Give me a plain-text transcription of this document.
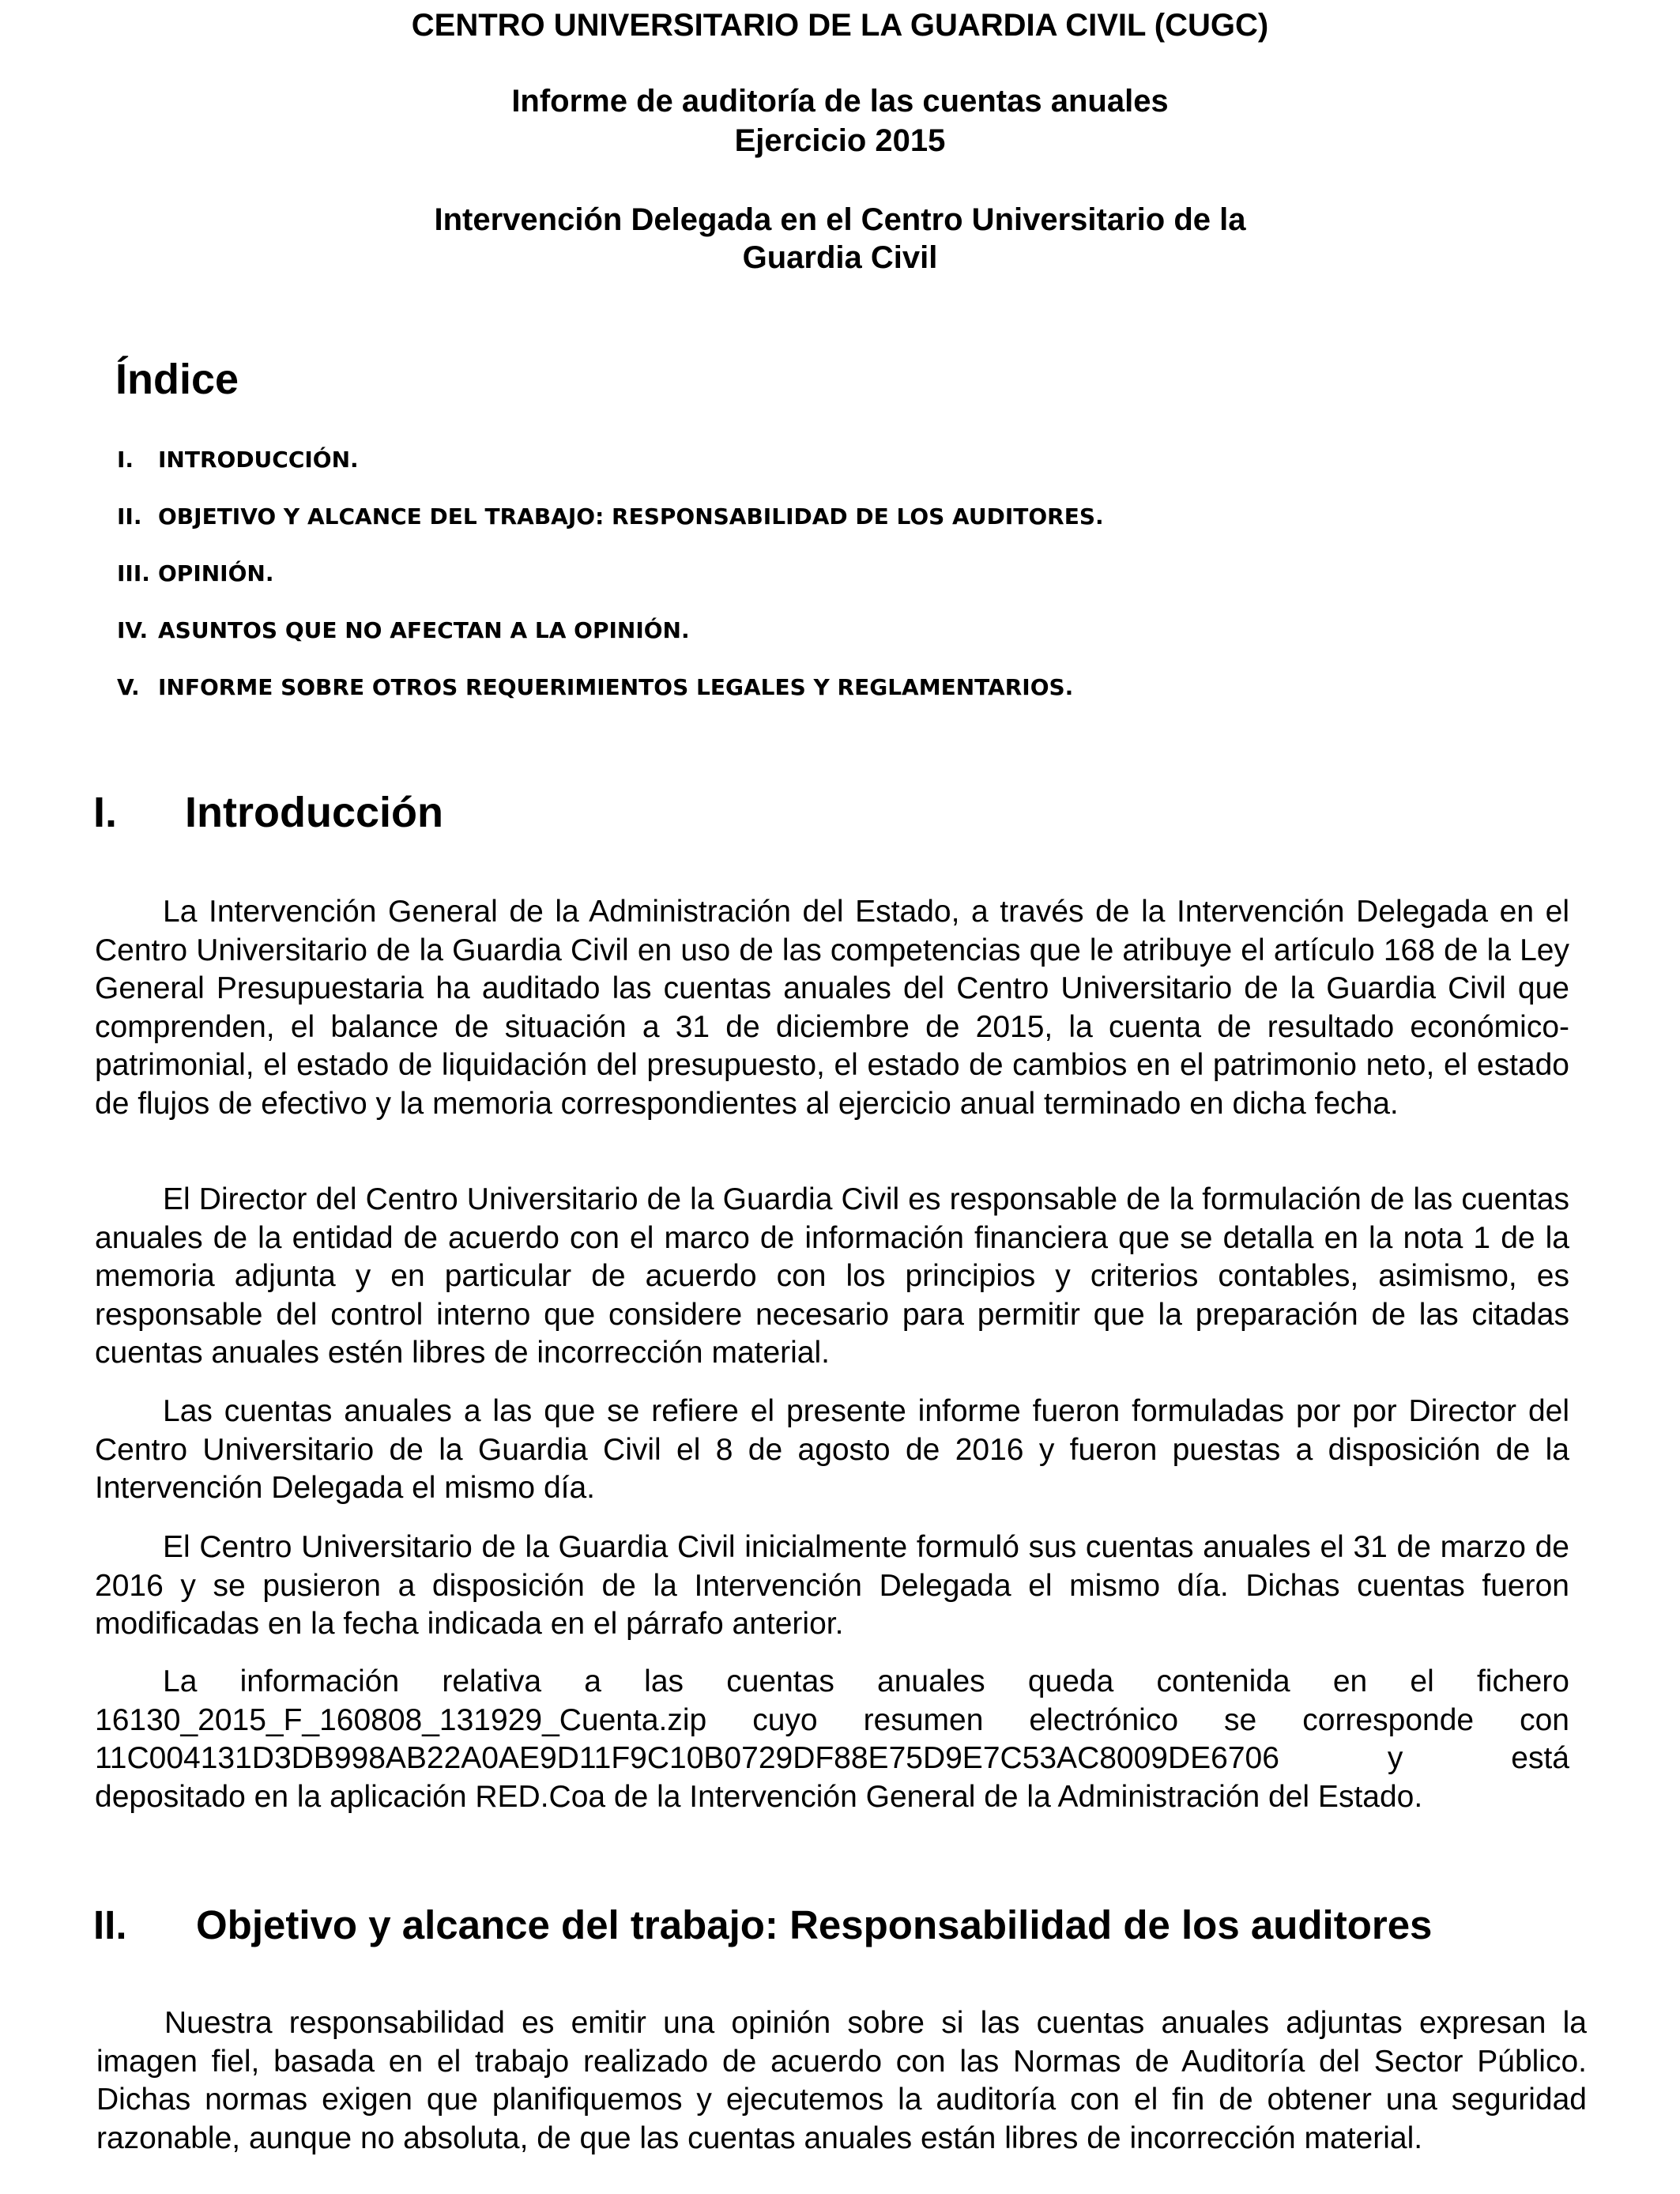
CENTRO UNIVERSITARIO DE LA GUARDIA CIVIL (CUGC)
Informe de auditoría de las cuentas anuales
Ejercicio 2015
Intervención Delegada en el Centro Universitario de la
Guardia Civil
Índice
I. INTRODUCCIÓN.
II. OBJETIVO Y ALCANCE DEL TRABAJO: RESPONSABILIDAD DE LOS AUDITORES.
III. OPINIÓN.
IV. ASUNTOS QUE NO AFECTAN A LA OPINIÓN.
V. INFORME SOBRE OTROS REQUERIMIENTOS LEGALES Y REGLAMENTARIOS.
I. Introducción

La Intervención General de la Administración del Estado, a través de la Intervención Delegada en el Centro Universitario de la Guardia Civil en uso de las competencias que le atribuye el artículo 168 de la Ley General Presupuestaria ha auditado las cuentas anuales del Centro Universitario de la Guardia Civil que comprenden, el balance de situación a 31 de diciembre de 2015, la cuenta de resultado económico-patrimonial, el estado de liquidación del presupuesto, el estado de cambios en el patrimonio neto, el estado de flujos de efectivo y la memoria correspondientes al ejercicio anual terminado en dicha fecha.

El Director del Centro Universitario de la Guardia Civil es responsable de la formulación de las cuentas anuales de la entidad de acuerdo con el marco de información financiera que se detalla en la nota 1 de la memoria adjunta y en particular de acuerdo con los principios y criterios contables, asimismo, es responsable del control interno que considere necesario para permitir que la preparación de las citadas cuentas anuales estén libres de incorrección material.

Las cuentas anuales a las que se refiere el presente informe fueron formuladas por por Director del Centro Universitario de la Guardia Civil el 8 de agosto de 2016 y fueron puestas a disposición de la Intervención Delegada el mismo día.

El Centro Universitario de la Guardia Civil inicialmente formuló sus cuentas anuales el 31 de marzo de 2016 y se pusieron a disposición de la Intervención Delegada el mismo día. Dichas cuentas fueron modificadas en la fecha indicada en el párrafo anterior.

La información relativa a las cuentas anuales queda contenida en el fichero
16130_2015_F_160808_131929_Cuenta.zip cuyo resumen electrónico se corresponde con
11C004131D3DB998AB22A0AE9D11F9C10B0729DF88E75D9E7C53AC8009DE6706 y está
depositado en la aplicación RED.Coa de la Intervención General de la Administración del Estado.
II. Objetivo y alcance del trabajo: Responsabilidad de los auditores

Nuestra responsabilidad es emitir una opinión sobre si las cuentas anuales adjuntas expresan la imagen fiel, basada en el trabajo realizado de acuerdo con las Normas de Auditoría del Sector Público. Dichas normas exigen que planifiquemos y ejecutemos la auditoría con el fin de obtener una seguridad razonable, aunque no absoluta, de que las cuentas anuales están libres de incorrección material.
